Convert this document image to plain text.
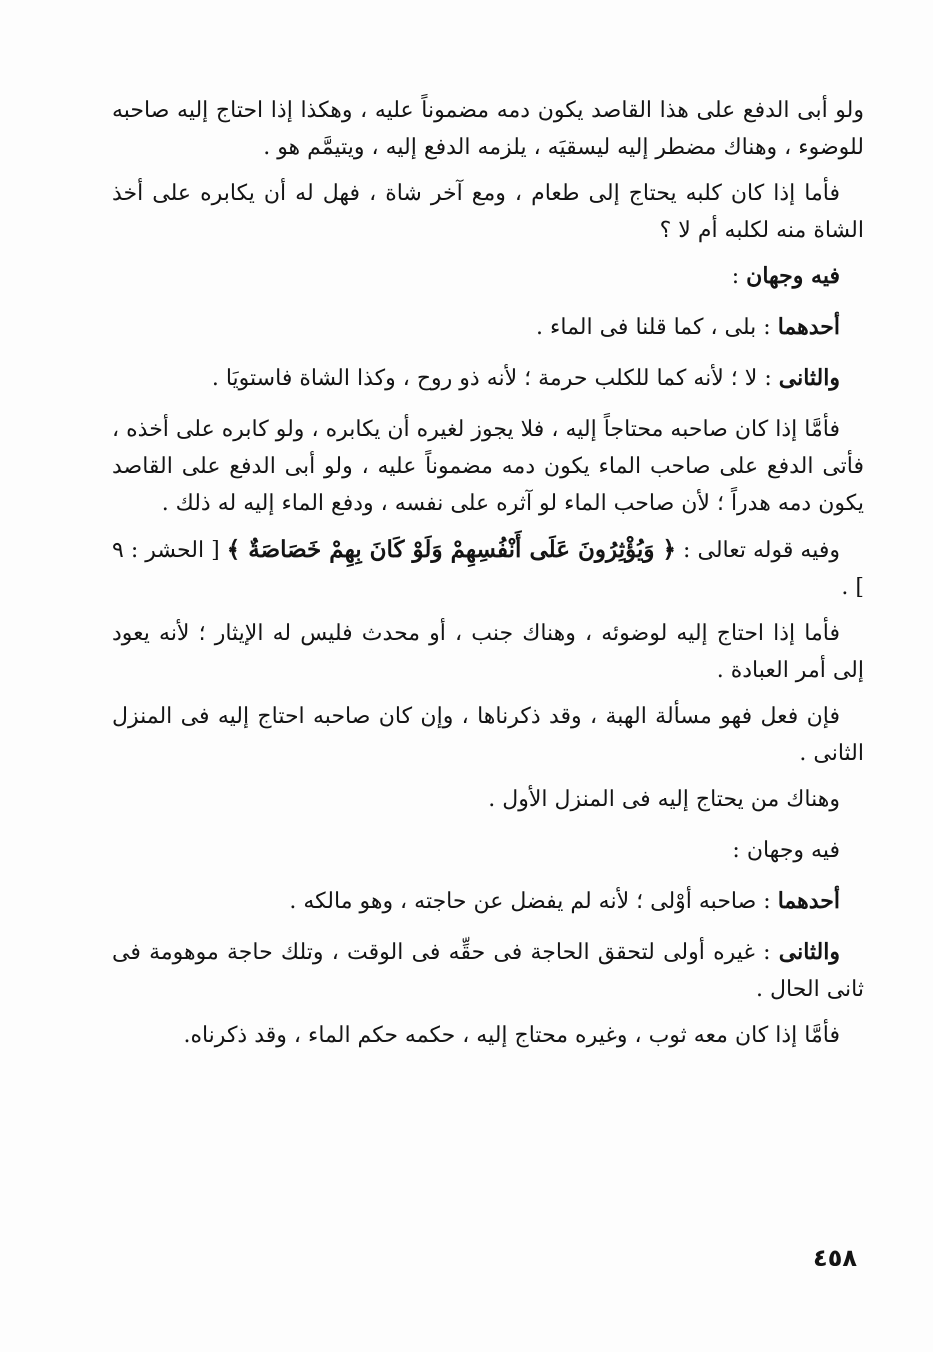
ولو أبى الدفع على هذا القاصد يكون دمه مضموناً عليه ، وهكذا إذا احتاج إليه صاحبه للوضوء ، وهناك مضطر إليه ليسقيَه ، يلزمه الدفع إليه ، ويتيمَّم هو .

فأما إذا كان كلبه يحتاج إلى طعام ، ومع آخر شاة ، فهل له أن يكابره على أخذ الشاة منه لكلبه أم لا ؟

فيه وجهان :

أحدهما : بلى ، كما قلنا فى الماء .

والثانى : لا ؛ لأنه كما للكلب حرمة ؛ لأنه ذو روح ، وكذا الشاة فاستويَا .

فأمَّا إذا كان صاحبه محتاجاً إليه ، فلا يجوز لغيره أن يكابره ، ولو كابره على أخذه ، فأتى الدفع على صاحب الماء يكون دمه مضموناً عليه ، ولو أبى الدفع على القاصد يكون دمه هدراً ؛ لأن صاحب الماء لو آثره على نفسه ، ودفع الماء إليه له ذلك .

وفيه قوله تعالى : ﴿ وَيُؤْثِرُونَ عَلَى أَنْفُسِهِمْ وَلَوْ كَانَ بِهِمْ خَصَاصَةٌ ﴾ [ الحشر : ٩ ] .

فأما إذا احتاج إليه لوضوئه ، وهناك جنب ، أو محدث فليس له الإيثار ؛ لأنه يعود إلى أمر العبادة .

فإن فعل فهو مسألة الهبة ، وقد ذكرناها ، وإن كان صاحبه احتاج إليه فى المنزل الثانى .

وهناك من يحتاج إليه فى المنزل الأول .

فيه وجهان :

أحدهما : صاحبه أوْلى ؛ لأنه لم يفضل عن حاجته ، وهو مالكه .

والثانى : غيره أولى لتحقق الحاجة فى حقِّه فى الوقت ، وتلك حاجة موهومة فى ثانى الحال .

فأمَّا إذا كان معه ثوب ، وغيره محتاج إليه ، حكمه حكم الماء ، وقد ذكرناه.

٤٥٨
